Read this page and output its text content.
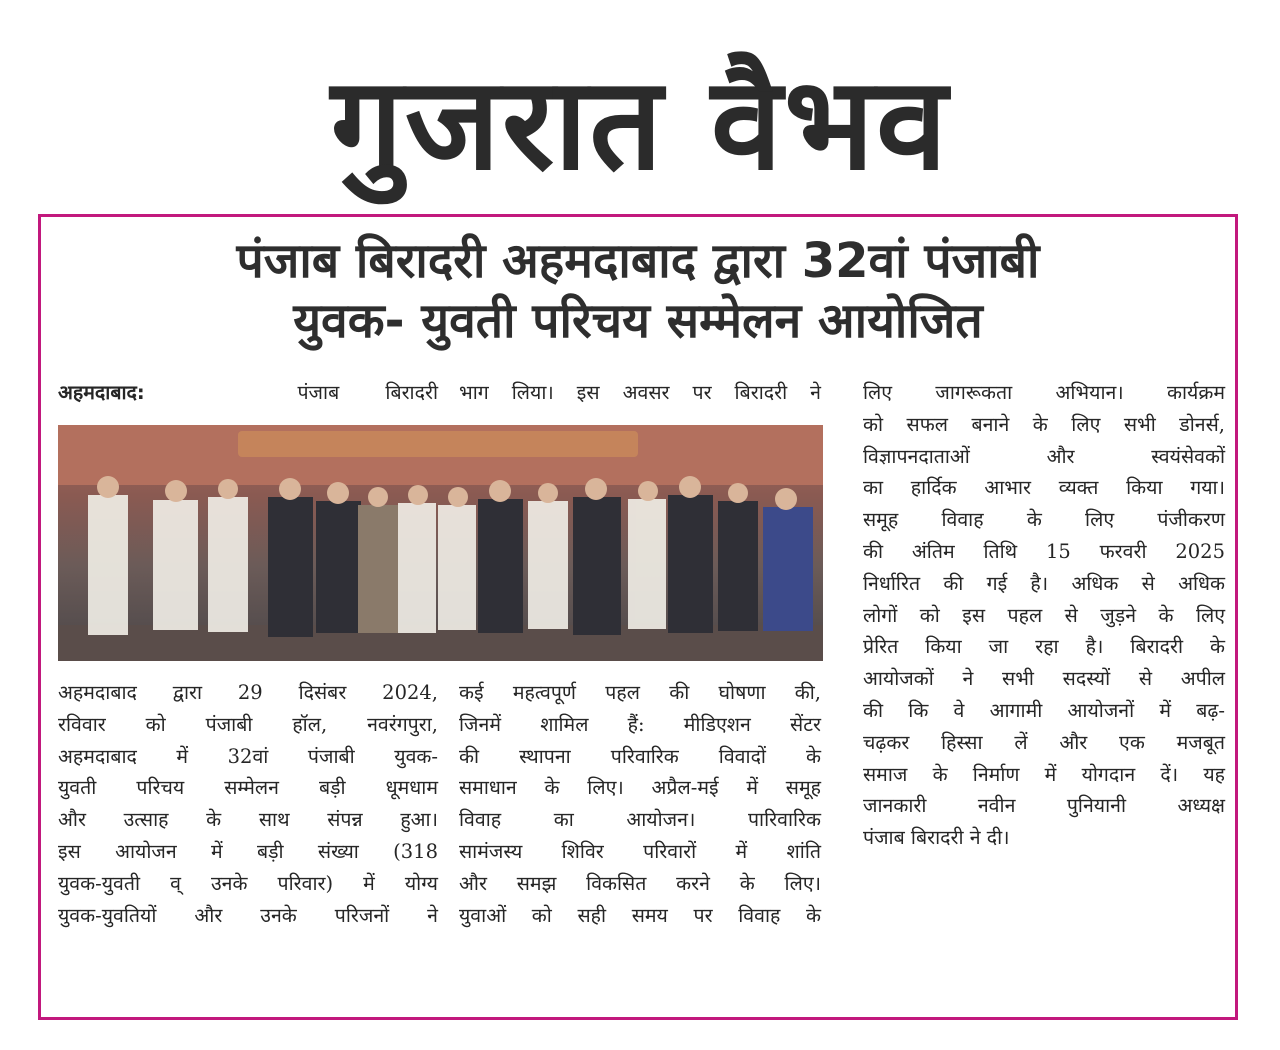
गुजरात वैभव
पंजाब बिरादरी अहमदाबाद द्वारा 32वां पंजाबी
युवक- युवती परिचय सम्मेलन आयोजित

अहमदाबाद:	पंजाब बिरादरी भाग लिया। इस अवसर पर बिरादरी ने

अहमदाबाद द्वारा 29 दिसंबर 2024,

रविवार को पंजाबी हॉल, नवरंगपुरा,

अहमदाबाद में 32वां पंजाबी युवक-

युवती परिचय सम्मेलन बड़ी धूमधाम

और उत्साह के साथ संपन्न हुआ।

इस आयोजन में बड़ी संख्या (318

युवक-युवती व् उनके परिवार) में योग्य

युवक-युवतियों और उनके परिजनों ने

कई महत्वपूर्ण पहल की घोषणा की,

जिनमें शामिल हैं: मीडिएशन सेंटर

की स्थापना परिवारिक विवादों के

समाधान के लिए। अप्रैल-मई में समूह

विवाह का आयोजन। पारिवारिक

सामंजस्य शिविर परिवारों में शांति

और समझ विकसित करने के लिए।

युवाओं को सही समय पर विवाह के

लिए जागरूकता अभियान। कार्यक्रम

को सफल बनाने के लिए सभी डोनर्स,

विज्ञापनदाताओं और स्वयंसेवकों

का हार्दिक आभार व्यक्त किया गया।

समूह विवाह के लिए पंजीकरण

की अंतिम तिथि 15 फरवरी 2025

निर्धारित की गई है। अधिक से अधिक

लोगों को इस पहल से जुड़ने के लिए

प्रेरित किया जा रहा है। बिरादरी के

आयोजकों ने सभी सदस्यों से अपील

की कि वे आगामी आयोजनों में बढ़-

चढ़कर हिस्सा लें और एक मजबूत

समाज के निर्माण में योगदान दें। यह

जानकारी नवीन पुनियानी अध्यक्ष

पंजाब बिरादरी ने दी।
